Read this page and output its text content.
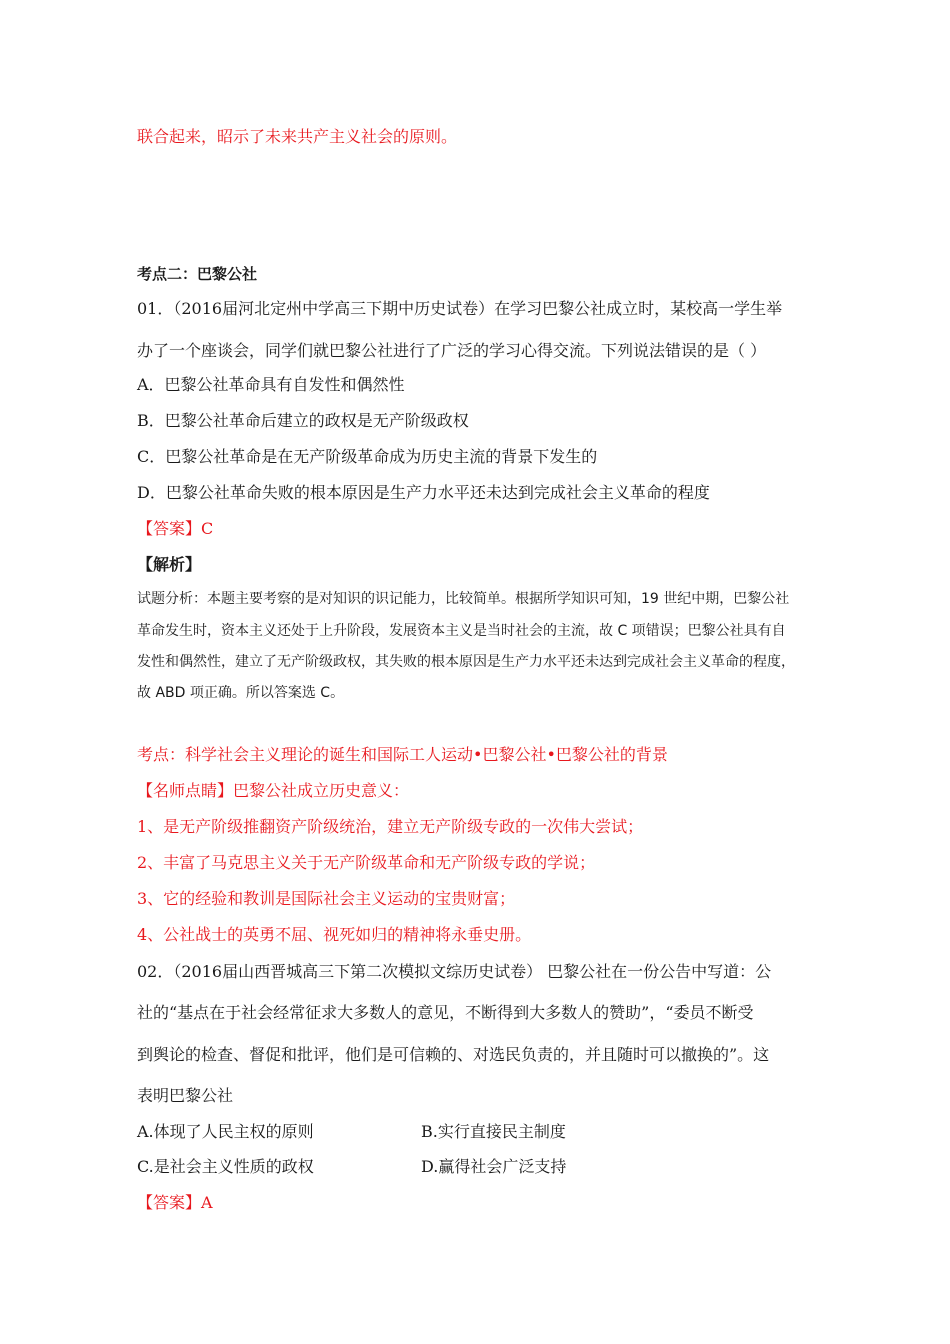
联合起来，昭示了未来共产主义社会的原则。
考点二：巴黎公社
01．（2016届河北定州中学高三下期中历史试卷）在学习巴黎公社成立时，某校高一学生举
办了一个座谈会，同学们就巴黎公社进行了广泛的学习心得交流。下列说法错误的是（ ）
A．巴黎公社革命具有自发性和偶然性
B．巴黎公社革命后建立的政权是无产阶级政权
C．巴黎公社革命是在无产阶级革命成为历史主流的背景下发生的
D．巴黎公社革命失败的根本原因是生产力水平还未达到完成社会主义革命的程度
【答案】C
【解析】
试题分析：本题主要考察的是对知识的识记能力，比较简单。根据所学知识可知，19 世纪中期，巴黎公社
革命发生时，资本主义还处于上升阶段，发展资本主义是当时社会的主流，故 C 项错误；巴黎公社具有自
发性和偶然性，建立了无产阶级政权，其失败的根本原因是生产力水平还未达到完成社会主义革命的程度，
故 ABD 项正确。所以答案选 C。
考点：科学社会主义理论的诞生和国际工人运动•巴黎公社•巴黎公社的背景
【名师点睛】巴黎公社成立历史意义：
1、是无产阶级推翻资产阶级统治，建立无产阶级专政的一次伟大尝试；
2、丰富了马克思主义关于无产阶级革命和无产阶级专政的学说；
3、它的经验和教训是国际社会主义运动的宝贵财富；
4、公社战士的英勇不屈、视死如归的精神将永垂史册。
02．（2016届山西晋城高三下第二次模拟文综历史试卷） 巴黎公社在一份公告中写道：公
社的“基点在于社会经常征求大多数人的意见，不断得到大多数人的赞助”，“委员不断受
到舆论的检查、督促和批评，他们是可信赖的、对选民负责的，并且随时可以撤换的”。这
表明巴黎公社
A.体现了人民主权的原则	B.实行直接民主制度
C.是社会主义性质的政权	D.赢得社会广泛支持
【答案】A
